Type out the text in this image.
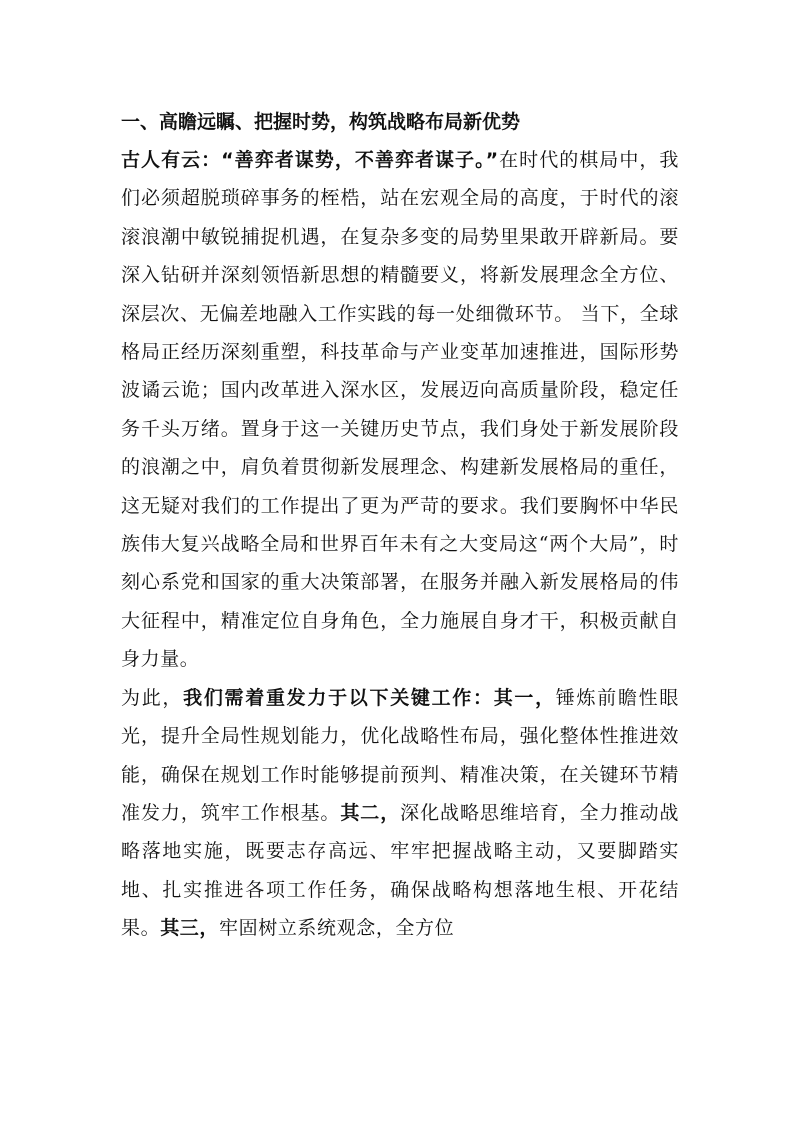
一、高瞻远瞩、把握时势，构筑战略布局新优势

古人有云：“善弈者谋势，不善弈者谋子。”在时代的棋局中，我们必须超脱琐碎事务的桎梏，站在宏观全局的高度，于时代的滚滚浪潮中敏锐捕捉机遇，在复杂多变的局势里果敢开辟新局。要深入钻研并深刻领悟新思想的精髓要义，将新发展理念全方位、深层次、无偏差地融入工作实践的每一处细微环节。 当下，全球格局正经历深刻重塑，科技革命与产业变革加速推进，国际形势波谲云诡；国内改革进入深水区，发展迈向高质量阶段，稳定任务千头万绪。置身于这一关键历史节点，我们身处于新发展阶段的浪潮之中，肩负着贯彻新发展理念、构建新发展格局的重任，这无疑对我们的工作提出了更为严苛的要求。我们要胸怀中华民族伟大复兴战略全局和世界百年未有之大变局这“两个大局”，时刻心系党和国家的重大决策部署，在服务并融入新发展格局的伟大征程中，精准定位自身角色，全力施展自身才干，积极贡献自身力量。

为此，我们需着重发力于以下关键工作：其一，锤炼前瞻性眼光，提升全局性规划能力，优化战略性布局，强化整体性推进效能，确保在规划工作时能够提前预判、精准决策，在关键环节精准发力，筑牢工作根基。其二，深化战略思维培育，全力推动战略落地实施，既要志存高远、牢牢把握战略主动，又要脚踏实地、扎实推进各项工作任务，确保战略构想落地生根、开花结果。其三，牢固树立系统观念，全方位
